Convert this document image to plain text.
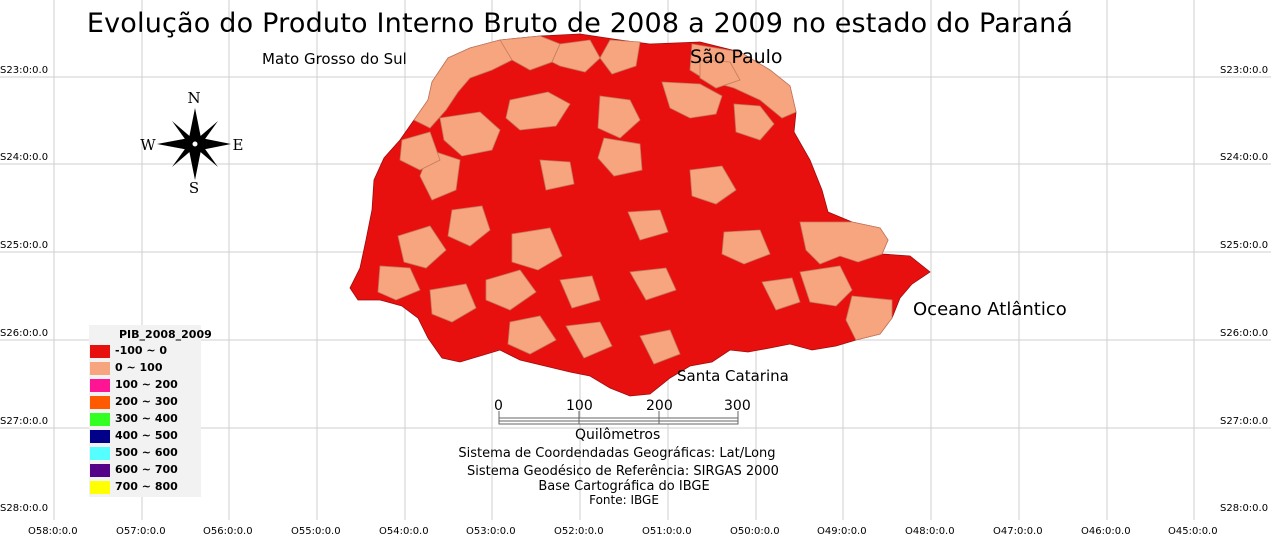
N
S
E
W
Evolução do Produto Interno Bruto de 2008 a 2009 no estado do Paraná
Mato Grosso do Sul	São Paulo
Oceano Atlântico
Santa Catarina
S23:0:0.0
S24:0:0.0
S25:0:0.0
S26:0:0.0
S27:0:0.0
S28:0:0.0
S23:0:0.0
S24:0:0.0
S25:0:0.0
S26:0:0.0
S27:0:0.0
S28:0:0.0
O58:0:0.0	O57:0:0.0	O56:0:0.0	O55:0:0.0	O54:0:0.0	O53:0:0.0	O52:0:0.0	O51:0:0.0	O50:0:0.0	O49:0:0.0	O48:0:0.0	O47:0:0.0	O46:0:0.0	O45:0:0.0
PIB_2008_2009
-100 ~ 0
0 ~ 100
100 ~ 200
200 ~ 300
300 ~ 400
400 ~ 500
500 ~ 600
600 ~ 700
700 ~ 800
0	100	200	300
Quilômetros
Sistema de Coordendadas Geográficas: Lat/Long
Sistema Geodésico de Referência: SIRGAS 2000
Base Cartográfica do IBGE
Fonte: IBGE
